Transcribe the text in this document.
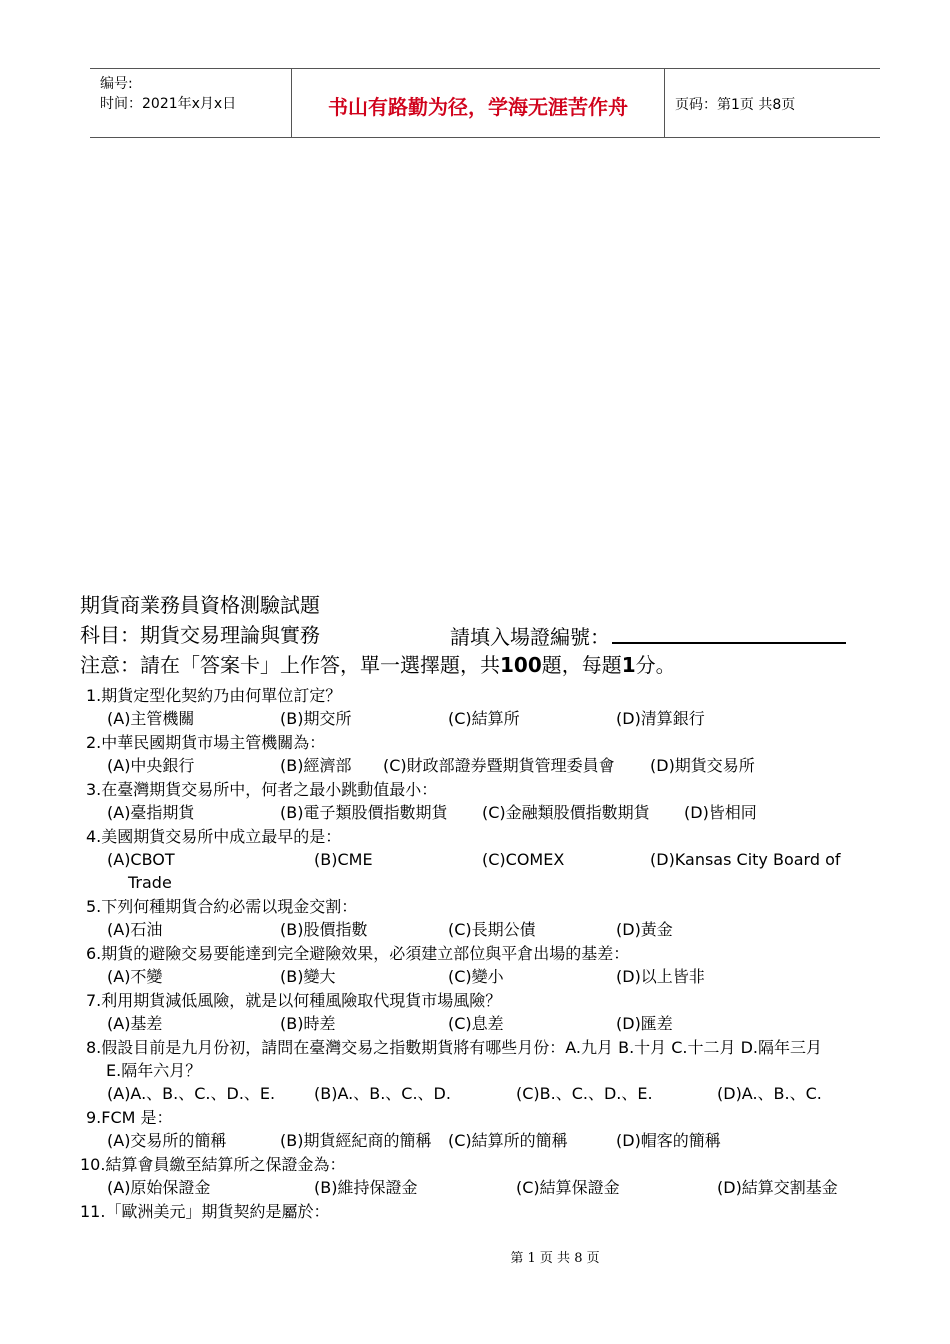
编号:
时间：2021年x月x日	书山有路勤为径，学海无涯苦作舟	页码：第1页 共8页
期貨商業務員資格測驗試題
科目：期貨交易理論與實務	請填入場證編號：
注意：請在「答案卡」上作答，單一選擇題，共100題，每題1分。
1.期貨定型化契約乃由何單位訂定？
(A)主管機關	(B)期交所	(C)結算所	(D)清算銀行
2.中華民國期貨市場主管機關為：
(A)中央銀行	(B)經濟部 (C)財政部證券暨期貨管理委員會 (D)期貨交易所
3.在臺灣期貨交易所中，何者之最小跳動值最小：
(A)臺指期貨	(B)電子類股價指數期貨 (C)金融類股價指數期貨 (D)皆相同
4.美國期貨交易所中成立最早的是：
(A)CBOT	(B)CME	(C)COMEX	(D)Kansas City Board of
Trade
5.下列何種期貨合約必需以現金交割：
(A)石油	(B)股價指數	(C)長期公債	(D)黃金
6.期貨的避險交易要能達到完全避險效果，必須建立部位與平倉出場的基差：
(A)不變	(B)變大	(C)變小	(D)以上皆非
7.利用期貨減低風險，就是以何種風險取代現貨市場風險？
(A)基差	(B)時差	(C)息差	(D)匯差
8.假設目前是九月份初，請問在臺灣交易之指數期貨將有哪些月份：A.九月 B.十月 C.十二月 D.隔年三月
E.隔年六月？
(A)A.、B.、C.、D.、E. (B)A.、B.、C.、D.	(C)B.、C.、D.、E.	(D)A.、B.、C.
9.FCM 是：
(A)交易所的簡稱	(B)期貨經紀商的簡稱 (C)結算所的簡稱	(D)帽客的簡稱
10.結算會員繳至結算所之保證金為：
(A)原始保證金	(B)維持保證金	(C)結算保證金	(D)結算交割基金
11.「歐洲美元」期貨契約是屬於：
第 1 页 共 8 页
